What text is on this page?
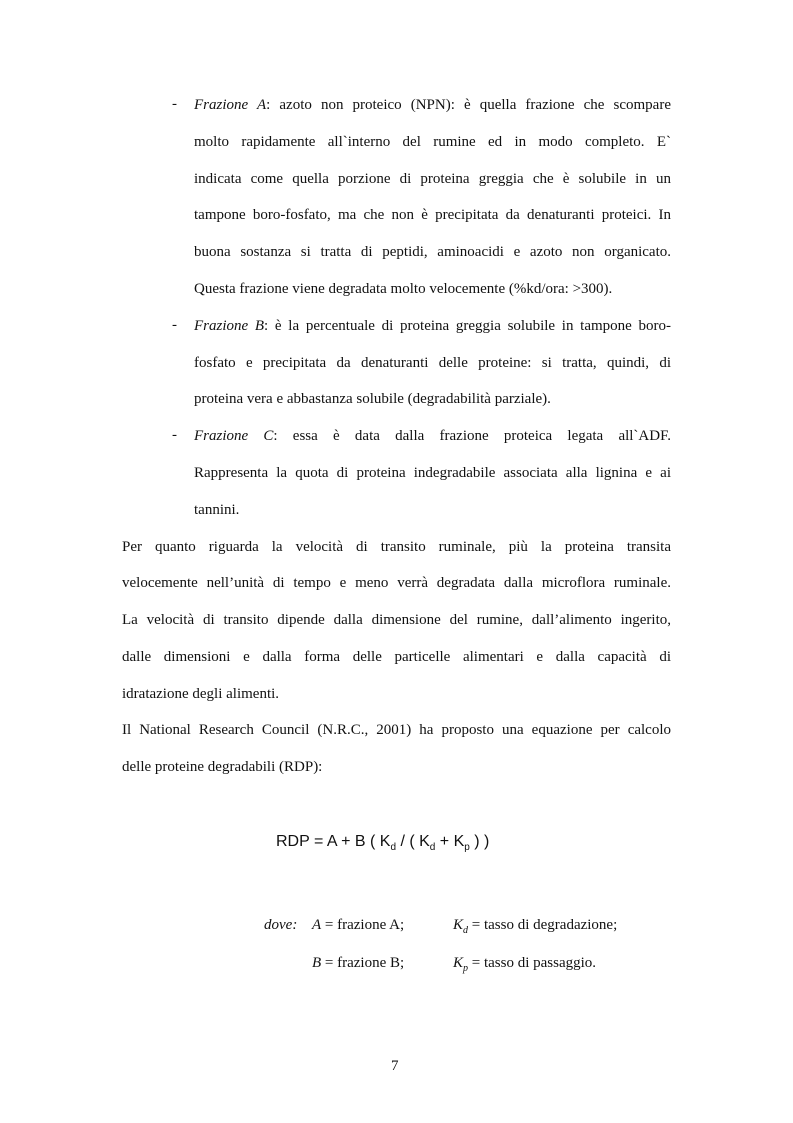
- Frazione A: azoto non proteico (NPN): è quella frazione che scompare
molto rapidamente all`interno del rumine ed in modo completo. E`
indicata come quella porzione di proteina greggia che è solubile in un
tampone boro-fosfato, ma che non è precipitata da denaturanti proteici. In
buona sostanza si tratta di peptidi, aminoacidi e azoto non organicato.
Questa frazione viene degradata molto velocemente (%kd/ora: >300).
- Frazione B: è la percentuale di proteina greggia solubile in tampone boro-
fosfato e precipitata da denaturanti delle proteine: si tratta, quindi, di
proteina vera e abbastanza solubile (degradabilità parziale).
- Frazione C: essa è data dalla frazione proteica legata all`ADF.
Rappresenta la quota di proteina indegradabile associata alla lignina e ai
tannini.
Per quanto riguarda la velocità di transito ruminale, più la proteina transita
velocemente nell’unità di tempo e meno verrà degradata dalla microflora ruminale.
La velocità di transito dipende dalla dimensione del rumine, dall’alimento ingerito,
dalle dimensioni e dalla forma delle particelle alimentari e dalla capacità di
idratazione degli alimenti.
Il National Research Council (N.R.C., 2001) ha proposto una equazione per calcolo
delle proteine degradabili (RDP):
RDP = A + B ( $K_d$ / ( $K_d + K_p$ ) )
dove: A = frazione A;	$K_d$ = tasso di degradazione;
B = frazione B;	$K_p$ = tasso di passaggio.
7
